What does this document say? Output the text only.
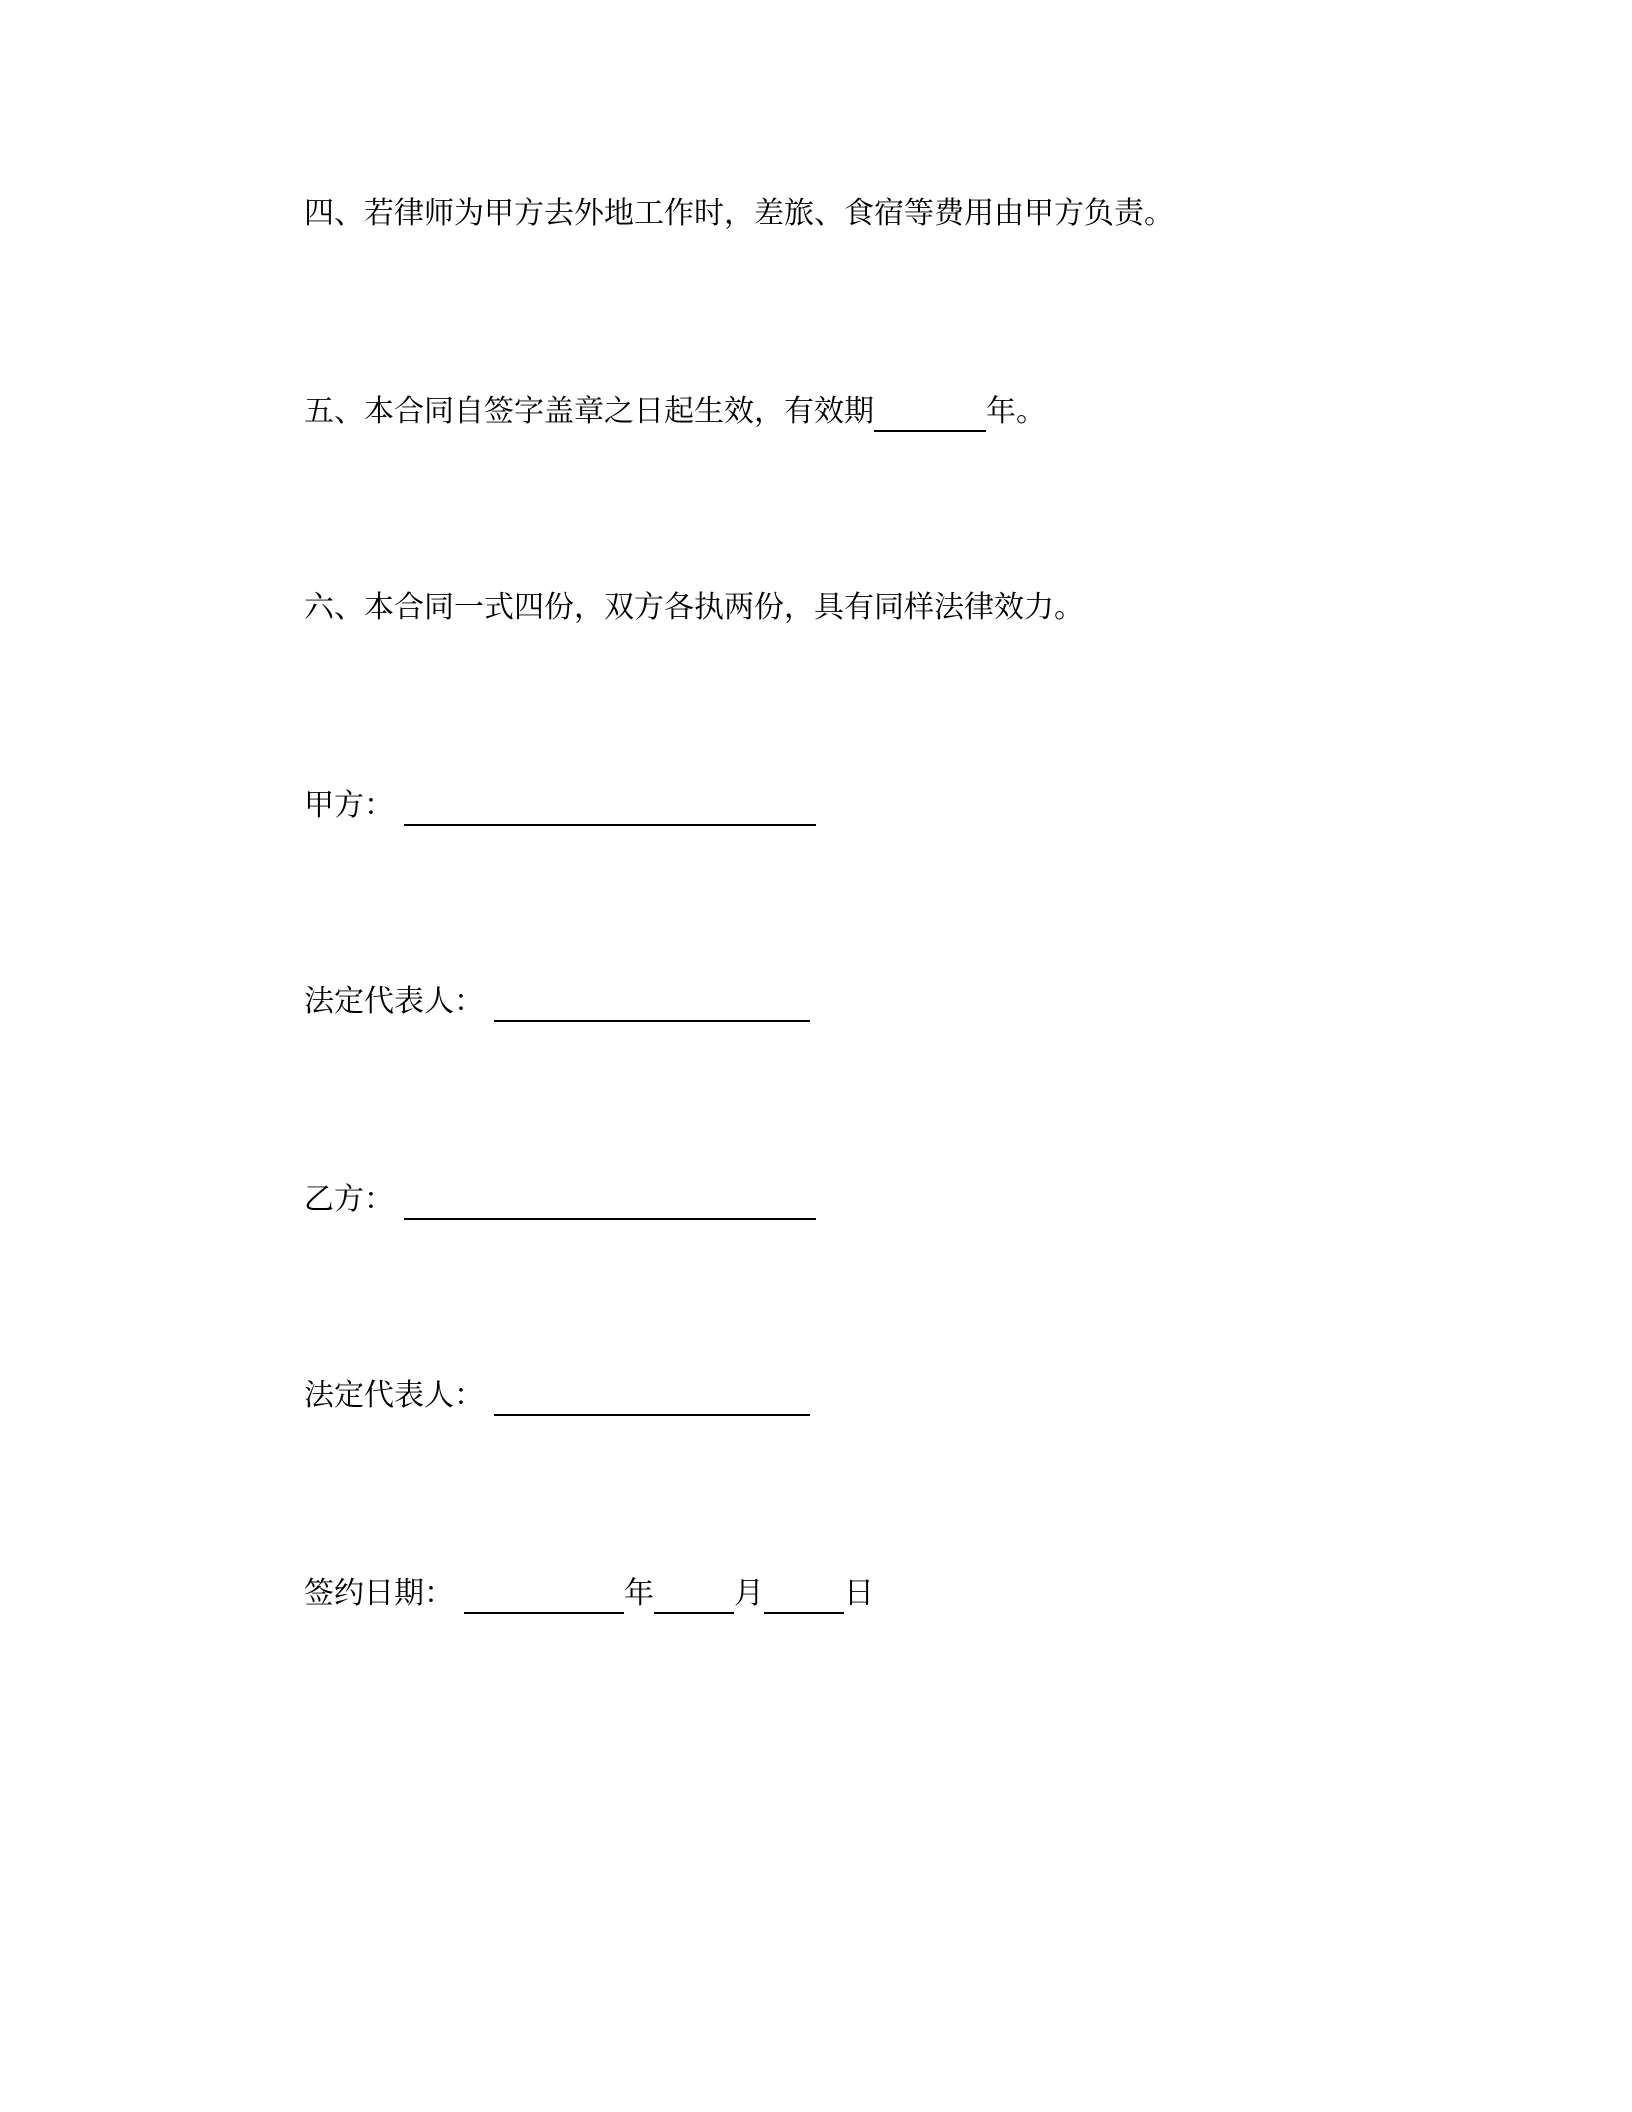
四、若律师为甲方去外地工作时，差旅、食宿等费用由甲方负责。
五、本合同自签字盖章之日起生效，有效期	年。
六、本合同一式四份，双方各执两份，具有同样法律效力。
甲方：
法定代表人：
乙方：
法定代表人：
签约日期：	年	月	日
